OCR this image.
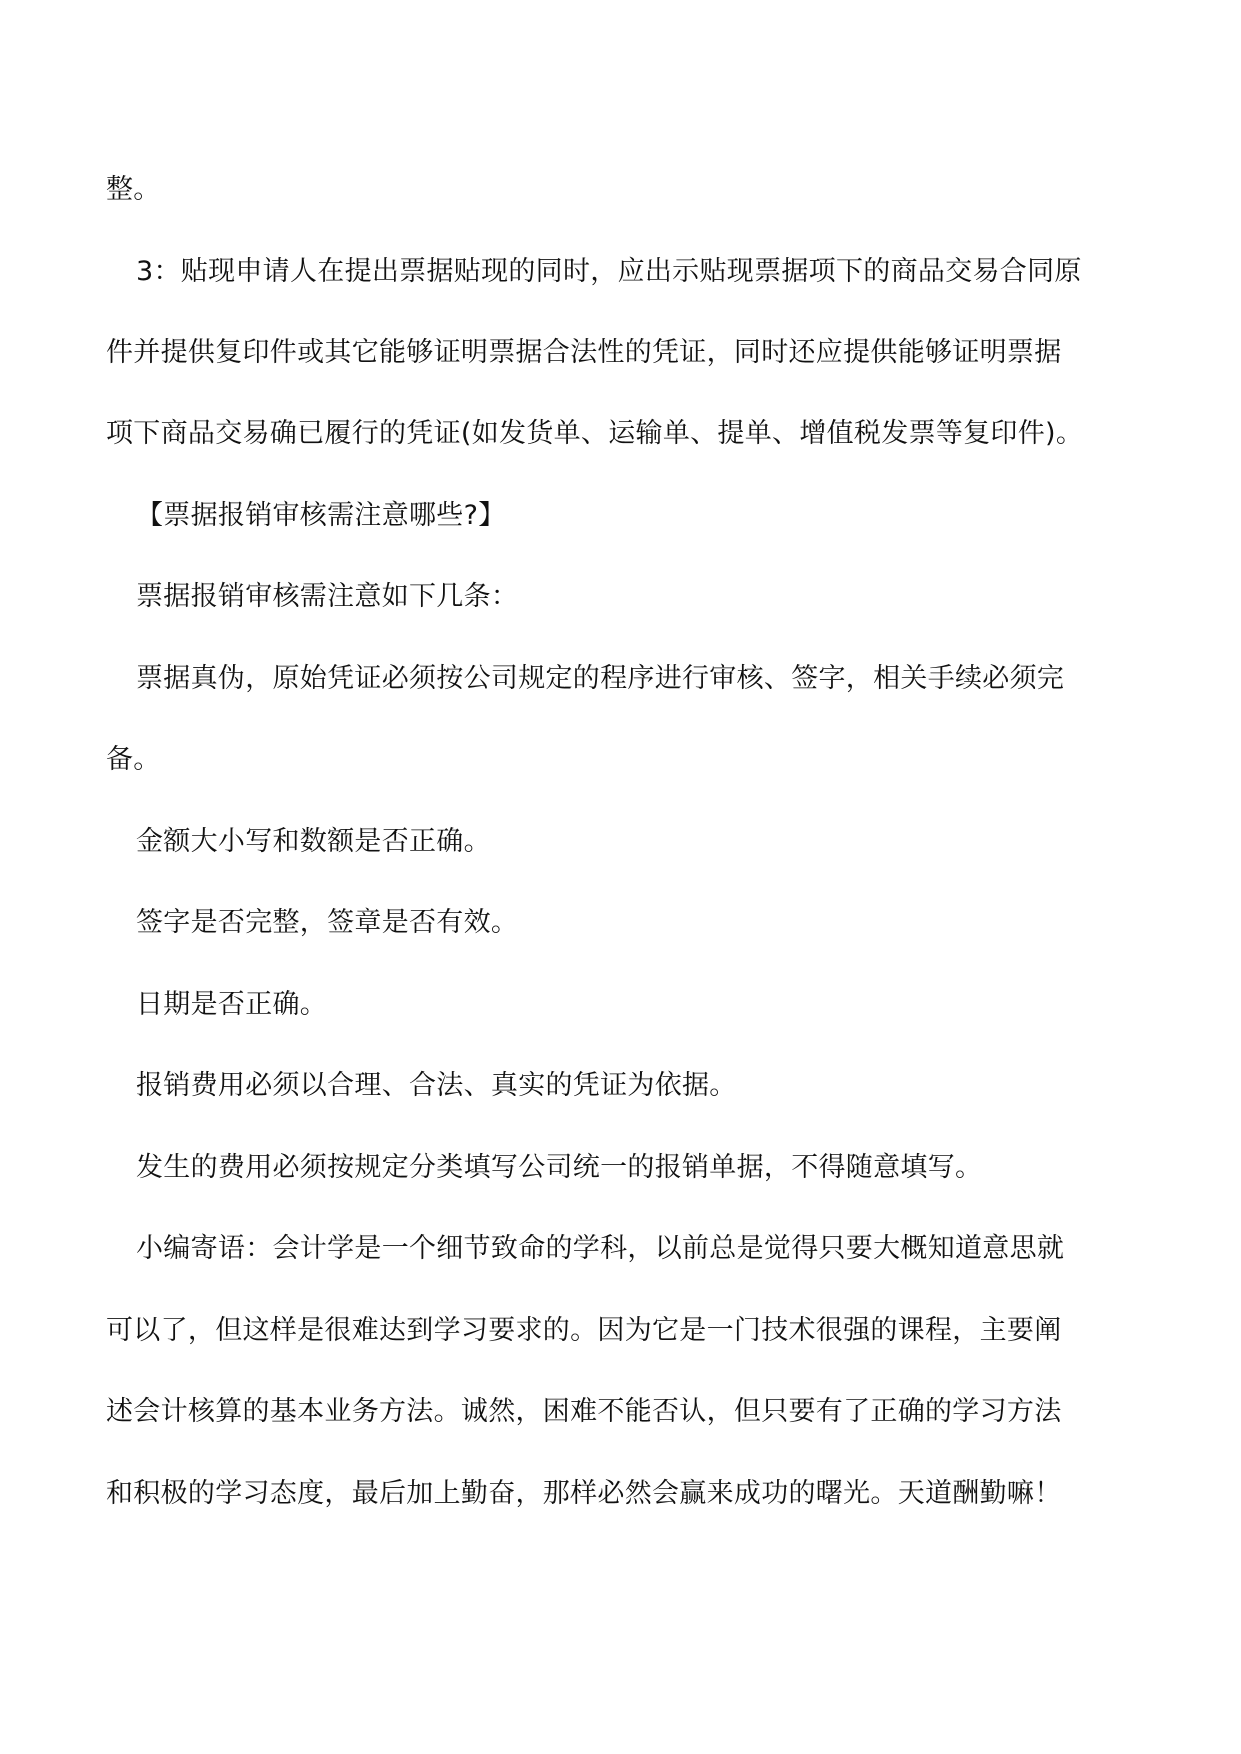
整。
3：贴现申请人在提出票据贴现的同时，应出示贴现票据项下的商品交易合同原
件并提供复印件或其它能够证明票据合法性的凭证，同时还应提供能够证明票据
项下商品交易确已履行的凭证(如发货单、运输单、提单、增值税发票等复印件)。
【票据报销审核需注意哪些?】
票据报销审核需注意如下几条：
票据真伪，原始凭证必须按公司规定的程序进行审核、签字，相关手续必须完
备。
金额大小写和数额是否正确。
签字是否完整，签章是否有效。
日期是否正确。
报销费用必须以合理、合法、真实的凭证为依据。
发生的费用必须按规定分类填写公司统一的报销单据，不得随意填写。
小编寄语：会计学是一个细节致命的学科，以前总是觉得只要大概知道意思就
可以了，但这样是很难达到学习要求的。因为它是一门技术很强的课程，主要阐
述会计核算的基本业务方法。诚然，困难不能否认，但只要有了正确的学习方法
和积极的学习态度，最后加上勤奋，那样必然会赢来成功的曙光。天道酬勤嘛！
